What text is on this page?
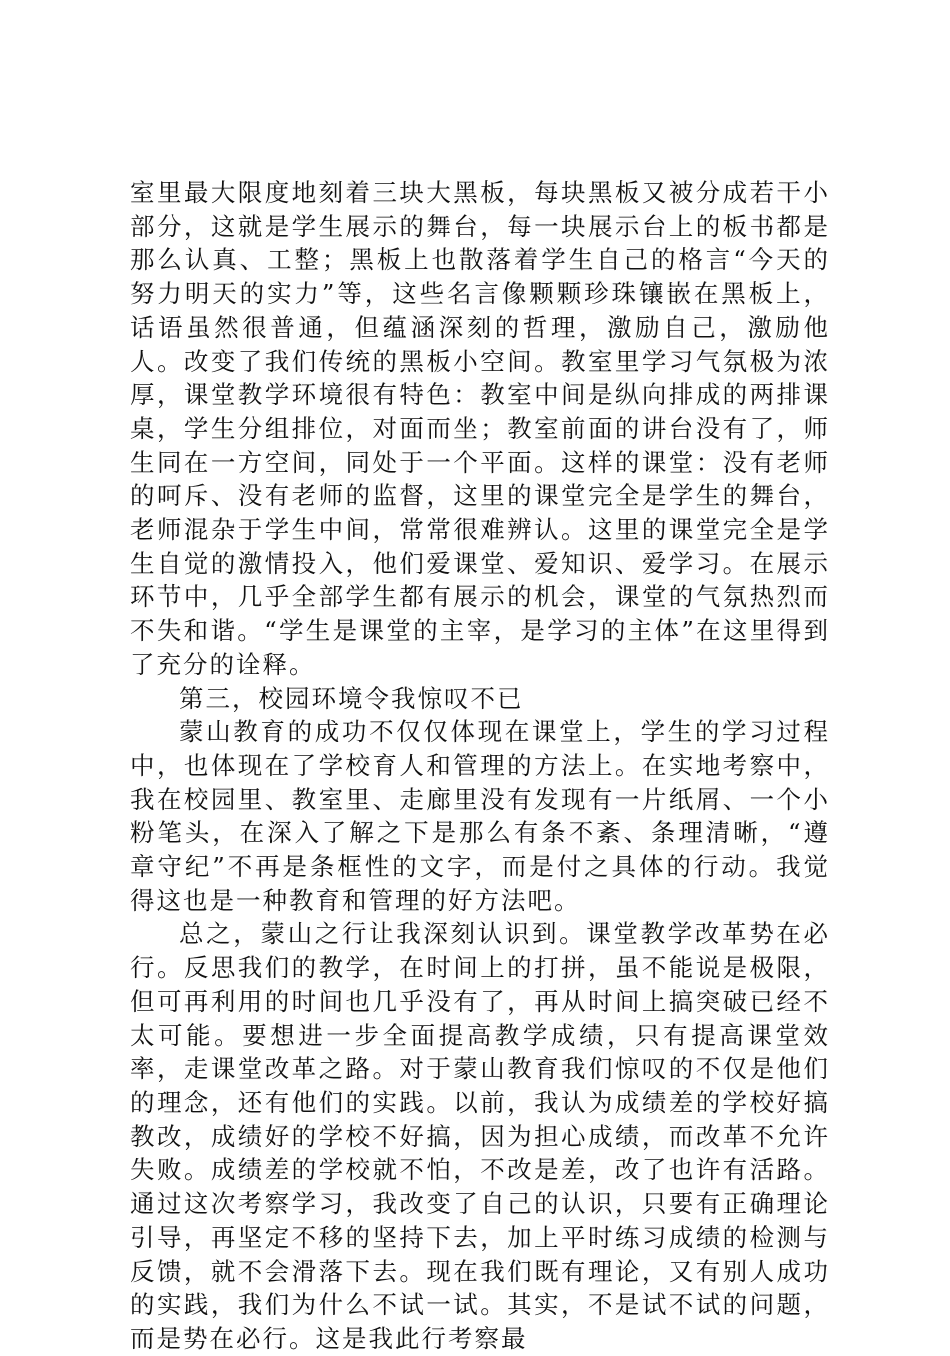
室里最大限度地刻着三块大黑板，每块黑板又被分成若干小部分，这就是学生展示的舞台，每一块展示台上的板书都是那么认真、工整；黑板上也散落着学生自己的格言“今天的努力明天的实力”等，这些名言像颗颗珍珠镶嵌在黑板上，话语虽然很普通，但蕴涵深刻的哲理，激励自己，激励他人。改变了我们传统的黑板小空间。教室里学习气氛极为浓厚，课堂教学环境很有特色：教室中间是纵向排成的两排课桌，学生分组排位，对面而坐；教室前面的讲台没有了，师生同在一方空间，同处于一个平面。这样的课堂：没有老师的呵斥、没有老师的监督，这里的课堂完全是学生的舞台，老师混杂于学生中间，常常很难辨认。这里的课堂完全是学生自觉的激情投入，他们爱课堂、爱知识、爱学习。在展示环节中，几乎全部学生都有展示的机会，课堂的气氛热烈而不失和谐。“学生是课堂的主宰，是学习的主体”在这里得到了充分的诠释。

第三，校园环境令我惊叹不已

蒙山教育的成功不仅仅体现在课堂上，学生的学习过程中，也体现在了学校育人和管理的方法上。在实地考察中，我在校园里、教室里、走廊里没有发现有一片纸屑、一个小粉笔头，在深入了解之下是那么有条不紊、条理清晰，“遵章守纪”不再是条框性的文字，而是付之具体的行动。我觉得这也是一种教育和管理的好方法吧。

总之，蒙山之行让我深刻认识到。课堂教学改革势在必行。反思我们的教学，在时间上的打拼，虽不能说是极限，但可再利用的时间也几乎没有了，再从时间上搞突破已经不太可能。要想进一步全面提高教学成绩，只有提高课堂效率，走课堂改革之路。对于蒙山教育我们惊叹的不仅是他们的理念，还有他们的实践。以前，我认为成绩差的学校好搞教改，成绩好的学校不好搞，因为担心成绩，而改革不允许失败。成绩差的学校就不怕，不改是差，改了也许有活路。通过这次考察学习，我改变了自己的认识，只要有正确理论引导，再坚定不移的坚持下去，加上平时练习成绩的检测与反馈，就不会滑落下去。现在我们既有理论，又有别人成功的实践，我们为什么不试一试。其实，不是试不试的问题，而是势在必行。这是我此行考察最
